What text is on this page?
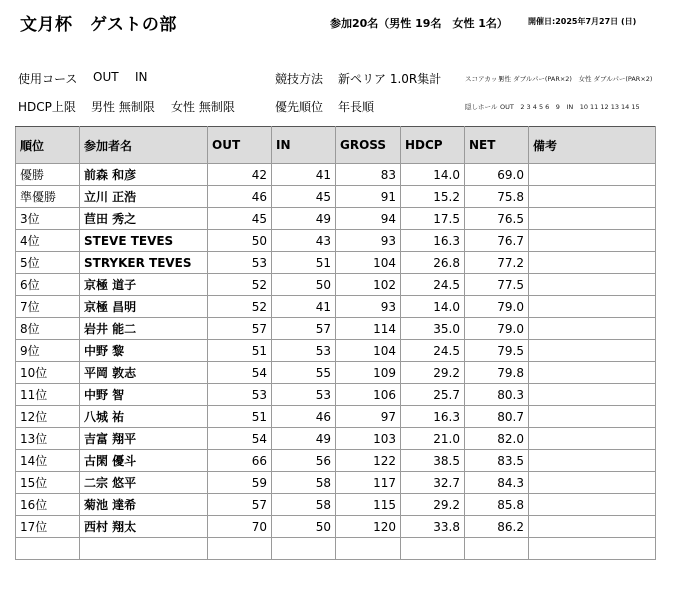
文月杯　ゲストの部	参加20名（男性 19名　女性 1名）	開催日:2025年7月27日 (日)
使用コース OUT IN	競技方法 新ペリア 1.0R集計	スコアカット
男性 ダブルパー(PAR×2)　女性 ダブルパー(PAR×2)
HDCP上限 男性 無制限 女性 無制限	優先順位 年長順	隠しホール OUT　2 3 4 5 6　9　IN　10 11 12 13 14 15
順位	参加者名	OUT	IN	GROSS	HDCP	NET	備考
優勝	前森 和彦	42	41	83	14.0	69.0	
準優勝	立川 正浩	46	45	91	15.2	75.8	
3位	苣田 秀之	45	49	94	17.5	76.5	
4位	STEVE TEVES	50	43	93	16.3	76.7	
5位	STRYKER TEVES	53	51	104	26.8	77.2	
6位	京極 道子	52	50	102	24.5	77.5	
7位	京極 昌明	52	41	93	14.0	79.0	
8位	岩井 能二	57	57	114	35.0	79.0	
9位	中野 黎	51	53	104	24.5	79.5	
10位	平岡 敦志	54	55	109	29.2	79.8	
11位	中野 智	53	53	106	25.7	80.3	
12位	八城 祐	51	46	97	16.3	80.7	
13位	吉富 翔平	54	49	103	21.0	82.0	
14位	古閑 優斗	66	56	122	38.5	83.5	
15位	二宗 悠平	59	58	117	32.7	84.3	
16位	菊池 達希	57	58	115	29.2	85.8	
17位	西村 翔太	70	50	120	33.8	86.2	
